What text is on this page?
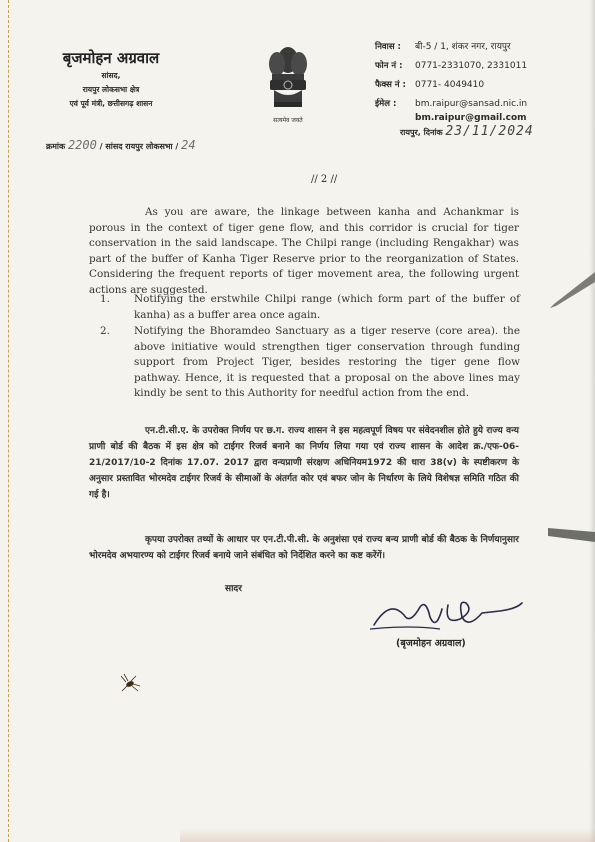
बृजमोहन अग्रवाल
सांसद,
रायपुर लोकसभा क्षेत्र
एवं पूर्व मंत्री, छत्तीसगढ़ शासन
सत्यमेव जयते
निवास :	बी-5 / 1, शंकर नगर, रायपुर
फोन नं :	0771-2331070, 2331011
फैक्स नं :	0771- 4049410
ईमेल :	bm.raipur@sansad.nic.in
bm.raipur@gmail.com
क्रमांक 2200 / सांसद रायपुर लोकसभा / 24
रायपुर, दिनांक 23/11/2024
// 2 //

As you are aware, the linkage between kanha and Achankmar is porous in the context of tiger gene flow, and this corridor is crucial for tiger conservation in the said landscape. The Chilpi range (including Rengakhar) was part of the buffer of Kanha Tiger Reserve prior to the reorganization of States. Considering the frequent reports of tiger movement area, the following urgent actions are suggested.

1.	Notifying the erstwhile Chilpi range (which form part of the buffer of kanha) as a buffer area once again.
2.	Notifying the Bhoramdeo Sanctuary as a tiger reserve (core area). the above initiative would strengthen tiger conservation through funding support from Project Tiger, besides restoring the tiger gene flow pathway. Hence, it is requested that a proposal on the above lines may kindly be sent to this Authority for needful action from the end.

एन.टी.सी.ए. के उपरोक्त निर्णय पर छ.ग. राज्य शासन ने इस महत्वपूर्ण विषय पर संवेदनशील होते हुये राज्य वन्य प्राणी बोर्ड की बैठक में इस क्षेत्र को टाईगर रिजर्व बनाने का निर्णय लिया गया एवं राज्य शासन के आदेश क्र./एफ-06-21/2017/10-2 दिनांक 17.07. 2017 द्वारा वन्यप्राणी संरक्षण अधिनियम1972 की धारा 38(v) के स्पष्टीकरण के अनुसार प्रस्तावित भोरमदेव टाईगर रिजर्व के सीमाओं के अंतर्गत कोर एवं बफर जोन के निर्धारण के लिये विशेषज्ञ समिति गठित की गई है।

कृपया उपरोक्त तथ्यों के आधार पर एन.टी.पी.सी. के अनुशंसा एवं राज्य बन्य प्राणी बोर्ड की बैठक के निर्णयानुसार भोरमदेव अभयारण्य को टाईगर रिजर्व बनाये जाने संबंधित को निर्देशित करने का कष्ट करेंगें।

सादर
(बृजमोहन अग्रवाल)
